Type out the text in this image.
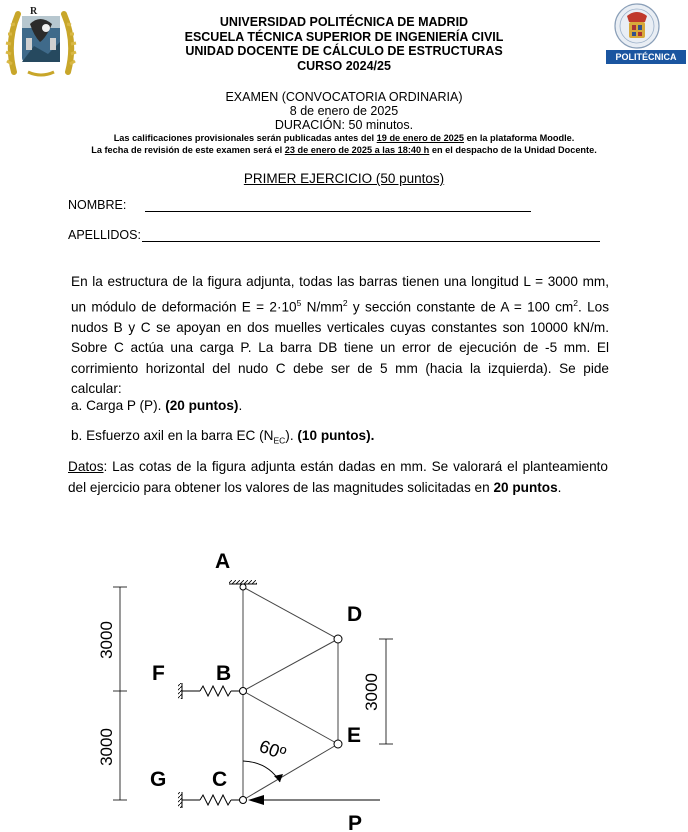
R
POLITÉCNICA
UNIVERSIDAD POLITÉCNICA DE MADRID
ESCUELA TÉCNICA SUPERIOR DE INGENIERÍA CIVIL
UNIDAD DOCENTE DE CÁLCULO DE ESTRUCTURAS
CURSO 2024/25
EXAMEN (CONVOCATORIA ORDINARIA)
8 de enero de 2025
DURACIÓN: 50 minutos.
Las calificaciones provisionales serán publicadas antes del 19 de enero de 2025 en la plataforma Moodle.
La fecha de revisión de este examen será el 23 de enero de 2025 a las 18:40 h en el despacho de la Unidad Docente.
PRIMER EJERCICIO (50 puntos)
NOMBRE:
APELLIDOS:
En la estructura de la figura adjunta, todas las barras tienen una longitud L = 3000 mm, un módulo de deformación $E = 2\cdot 10^5$ $N/mm^2$ y sección constante de A = 100 $cm^2$. Los nudos B y C se apoyan en dos muelles verticales cuyas constantes son 10000 kN/m. Sobre C actúa una carga P. La barra DB tiene un error de ejecución de -5 mm. El corrimiento horizontal del nudo C debe ser de 5 mm (hacia la izquierda). Se pide calcular:
a. Carga P (P). (20 puntos).
b. Esfuerzo axil en la barra EC $(N_{EC})$. (10 puntos).
Datos: Las cotas de la figura adjunta están dadas en mm. Se valorará el planteamiento del ejercicio para obtener los valores de las magnitudes solicitadas en 20 puntos.
A
D
F B
E
G C
P
60º
3000
3000
3000
